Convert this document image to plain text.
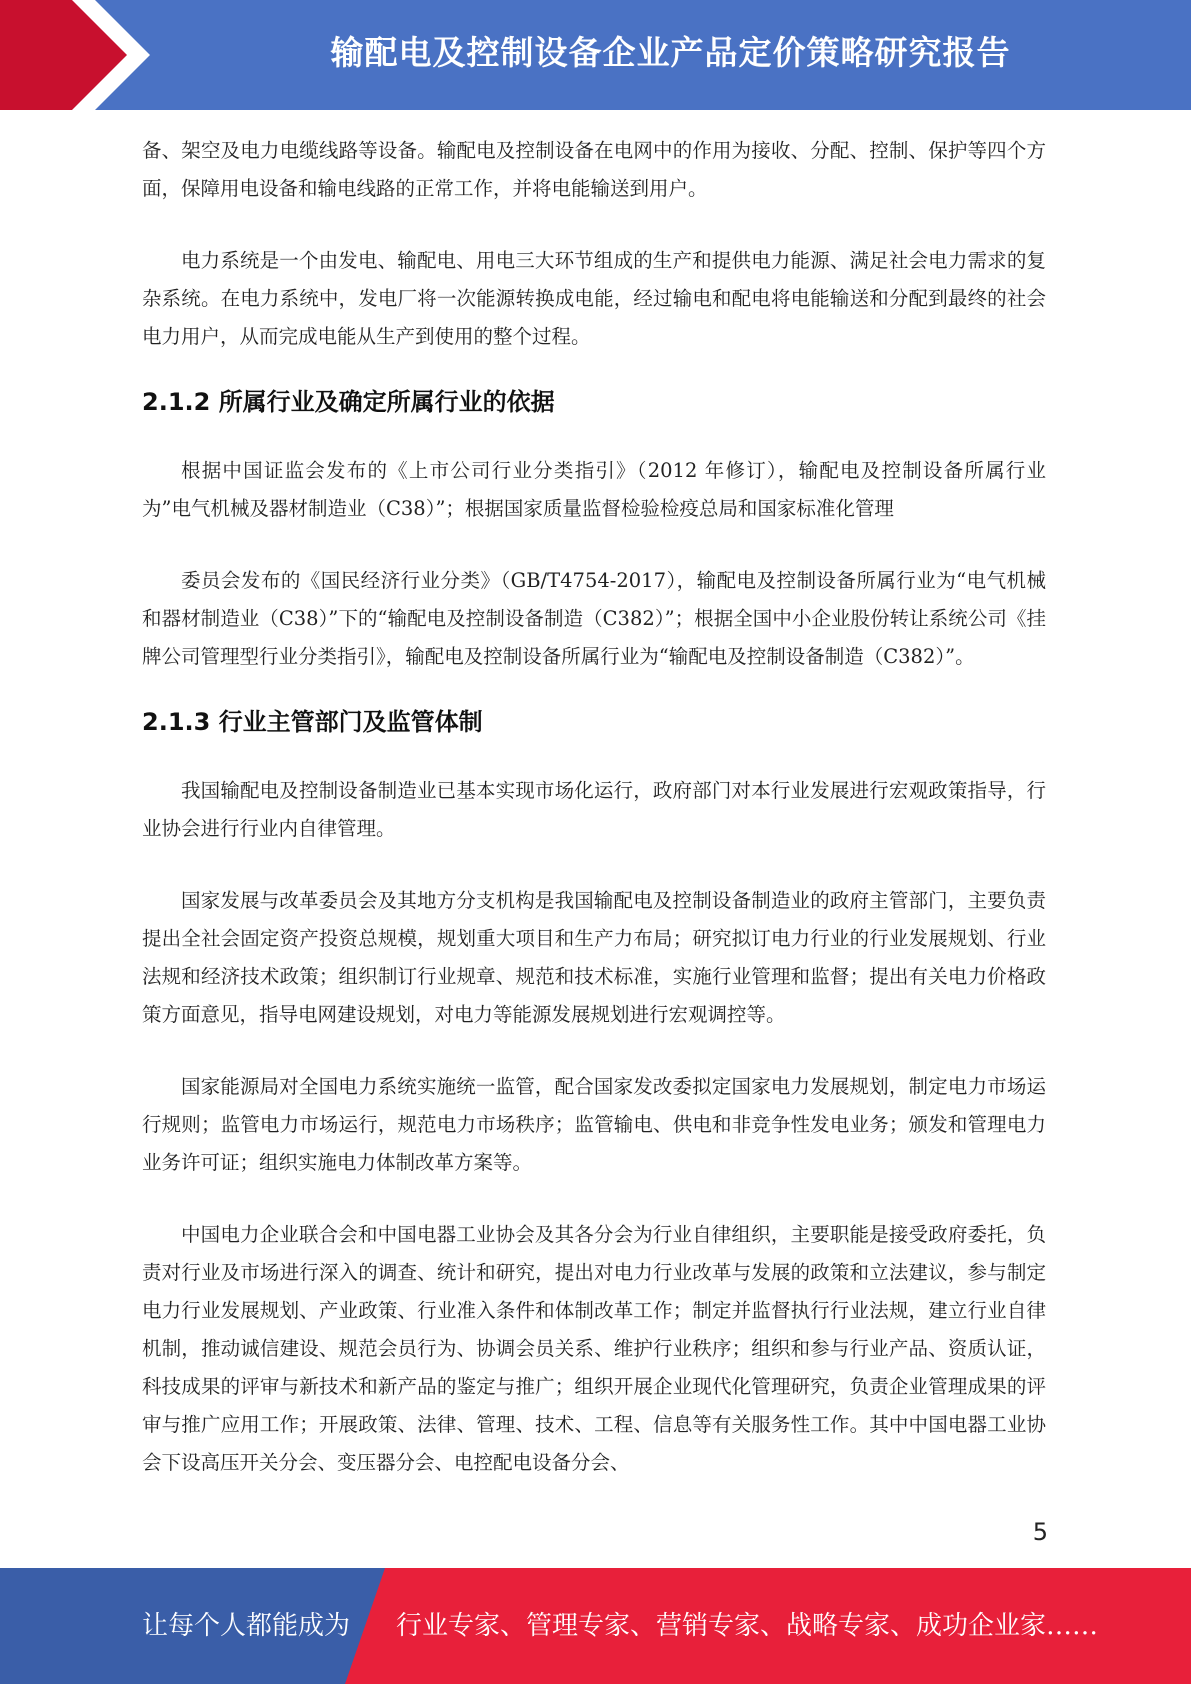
输配电及控制设备企业产品定价策略研究报告

备、架空及电力电缆线路等设备。输配电及控制设备在电网中的作用为接收、分配、控制、保护等四个方面，保障用电设备和输电线路的正常工作，并将电能输送到用户。

电力系统是一个由发电、输配电、用电三大环节组成的生产和提供电力能源、满足社会电力需求的复杂系统。在电力系统中，发电厂将一次能源转换成电能，经过输电和配电将电能输送和分配到最终的社会电力用户，从而完成电能从生产到使用的整个过程。

2.1.2 所属行业及确定所属行业的依据

根据中国证监会发布的《上市公司行业分类指引》（2012 年修订），输配电及控制设备所属行业为”电气机械及器材制造业（C38）”；根据国家质量监督检验检疫总局和国家标准化管理

委员会发布的《国民经济行业分类》（GB/T4754-2017），输配电及控制设备所属行业为“电气机械和器材制造业（C38）”下的“输配电及控制设备制造（C382）”；根据全国中小企业股份转让系统公司《挂牌公司管理型行业分类指引》，输配电及控制设备所属行业为“输配电及控制设备制造（C382）”。

2.1.3 行业主管部门及监管体制

我国输配电及控制设备制造业已基本实现市场化运行，政府部门对本行业发展进行宏观政策指导，行业协会进行行业内自律管理。

国家发展与改革委员会及其地方分支机构是我国输配电及控制设备制造业的政府主管部门，主要负责提出全社会固定资产投资总规模，规划重大项目和生产力布局；研究拟订电力行业的行业发展规划、行业法规和经济技术政策；组织制订行业规章、规范和技术标准，实施行业管理和监督；提出有关电力价格政策方面意见，指导电网建设规划，对电力等能源发展规划进行宏观调控等。

国家能源局对全国电力系统实施统一监管，配合国家发改委拟定国家电力发展规划，制定电力市场运行规则；监管电力市场运行，规范电力市场秩序；监管输电、供电和非竞争性发电业务；颁发和管理电力业务许可证；组织实施电力体制改革方案等。

中国电力企业联合会和中国电器工业协会及其各分会为行业自律组织，主要职能是接受政府委托，负责对行业及市场进行深入的调查、统计和研究，提出对电力行业改革与发展的政策和立法建议，参与制定电力行业发展规划、产业政策、行业准入条件和体制改革工作；制定并监督执行行业法规，建立行业自律机制，推动诚信建设、规范会员行为、协调会员关系、维护行业秩序；组织和参与行业产品、资质认证，科技成果的评审与新技术和新产品的鉴定与推广；组织开展企业现代化管理研究，负责企业管理成果的评审与推广应用工作；开展政策、法律、管理、技术、工程、信息等有关服务性工作。其中中国电器工业协会下设高压开关分会、变压器分会、电控配电设备分会、

5
让每个人都能成为 行业专家、管理专家、营销专家、战略专家、成功企业家……
